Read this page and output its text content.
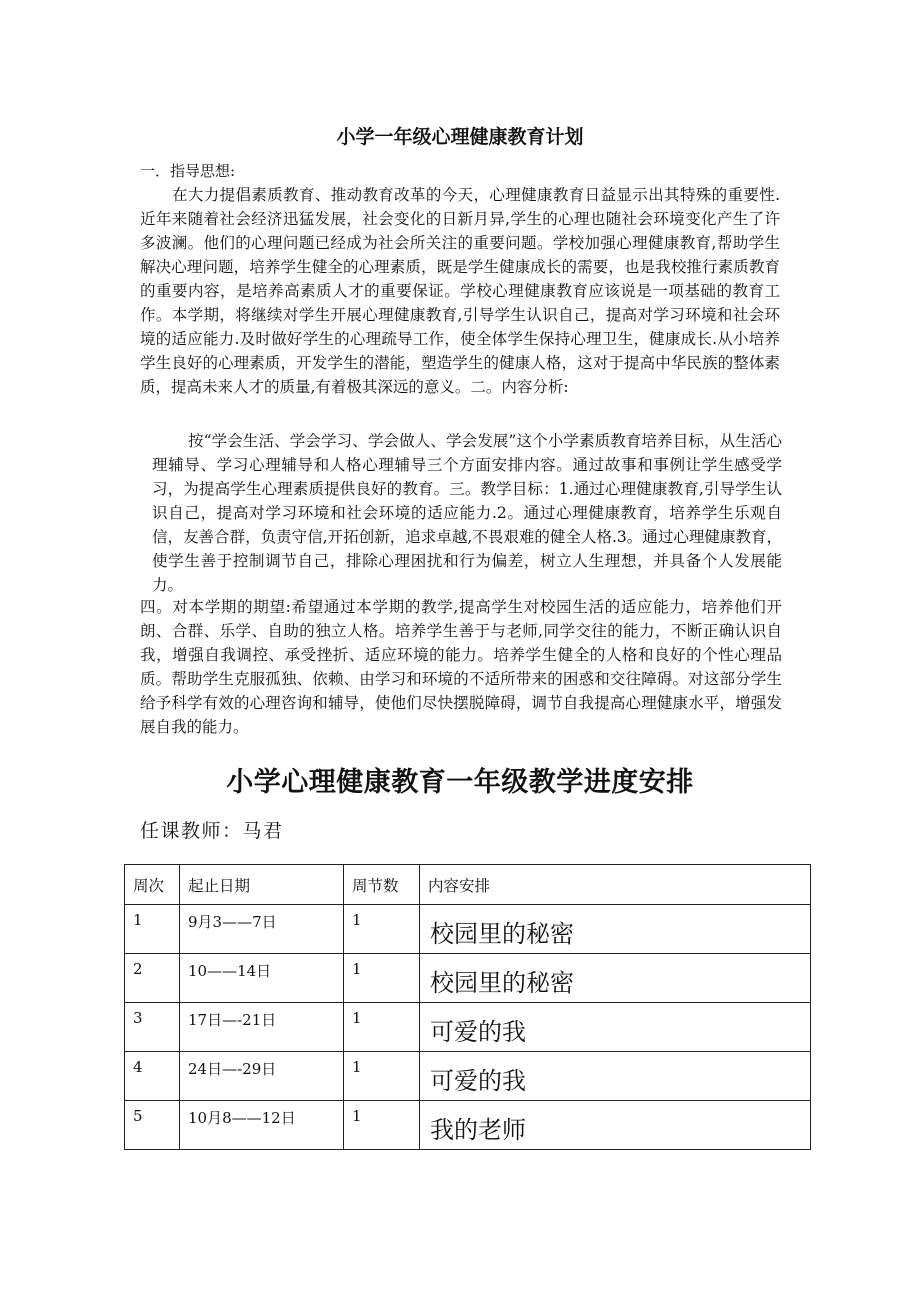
小学一年级心理健康教育计划
一．指导思想:

在大力提倡素质教育、推动教育改革的今天，心理健康教育日益显示出其特殊的重要性.近年来随着社会经济迅猛发展，社会变化的日新月异,学生的心理也随社会环境变化产生了许多波澜。他们的心理问题已经成为社会所关注的重要问题。学校加强心理健康教育,帮助学生解决心理问题，培养学生健全的心理素质，既是学生健康成长的需要，也是我校推行素质教育的重要内容，是培养高素质人才的重要保证。学校心理健康教育应该说是一项基础的教育工作。本学期，将继续对学生开展心理健康教育,引导学生认识自己，提高对学习环境和社会环境的适应能力.及时做好学生的心理疏导工作，使全体学生保持心理卫生，健康成长.从小培养学生良好的心理素质，开发学生的潜能，塑造学生的健康人格，这对于提高中华民族的整体素质，提高未来人才的质量,有着极其深远的意义。二。内容分析:

按“学会生活、学会学习、学会做人、学会发展”这个小学素质教育培养目标，从生活心理辅导、学习心理辅导和人格心理辅导三个方面安排内容。通过故事和事例让学生感受学习，为提高学生心理素质提供良好的教育。三。教学目标：1.通过心理健康教育,引导学生认识自己，提高对学习环境和社会环境的适应能力.2。通过心理健康教育，培养学生乐观自信，友善合群，负责守信,开拓创新，追求卓越,不畏艰难的健全人格.3。通过心理健康教育，使学生善于控制调节自己，排除心理困扰和行为偏差，树立人生理想，并具备个人发展能力。

四。对本学期的期望:希望通过本学期的教学,提高学生对校园生活的适应能力，培养他们开朗、合群、乐学、自助的独立人格。培养学生善于与老师,同学交往的能力，不断正确认识自我，增强自我调控、承受挫折、适应环境的能力。培养学生健全的人格和良好的个性心理品质。帮助学生克服孤独、依赖、由学习和环境的不适所带来的困惑和交往障碍。对这部分学生给予科学有效的心理咨询和辅导，使他们尽快摆脱障碍，调节自我提高心理健康水平，增强发展自我的能力。

小学心理健康教育一年级教学进度安排
任课教师：马君
周次	起止日期	周节数	内容安排
1	9月3——7日	1	校园里的秘密
2	10——14日	1	校园里的秘密
3	17日—-21日	1	可爱的我
4	24日—-29日	1	可爱的我
5	10月8——12日	1	我的老师
